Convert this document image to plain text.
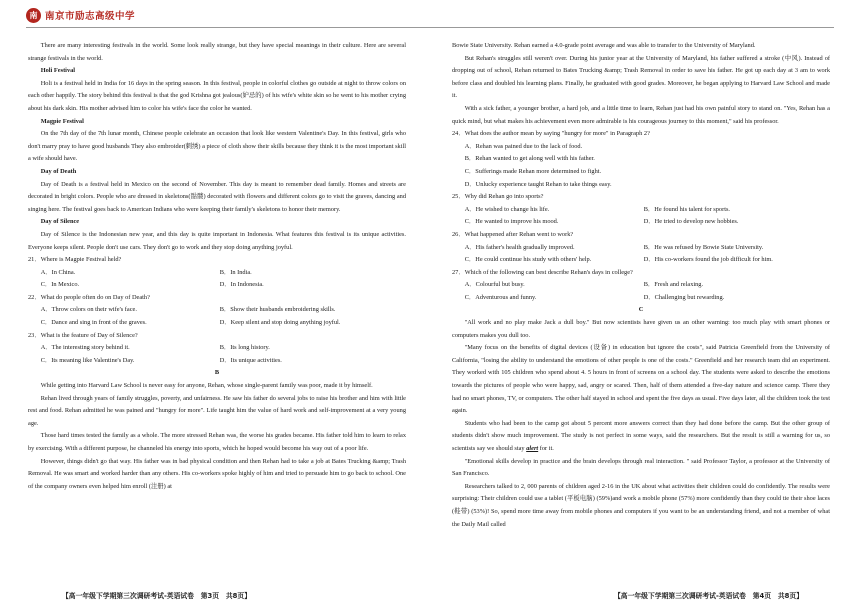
南 南京市励志高级中学

There are many interesting festivals in the world. Some look really strange, but they have special meanings in their culture. Here are several strange festivals in the world.

Holi Festival

Holi is a festival held in India for 16 days in the spring season. In this festival, people in colorful clothes go outside at night to throw colors on each other happily. The story behind this festival is that the god Krishna got jealous(妒忌的) of his wife's white skin so he went to his mother crying about his dark skin. His mother advised him to color his wife's face the color he wanted.

Magpie Festival

On the 7th day of the 7th lunar month, Chinese people celebrate an occasion that look like western Valentine's Day. In this festival, girls who don't marry pray to have good husbands They also embroider(刺绣) a piece of cloth show their skills because they think it is the most important skill a wife should have.

Day of Death

Day of Death is a festival held in Mexico on the second of November. This day is meant to remember dead family. Homes and streets are decorated in bright colors. People who are dressed in skeletons(骷髅) decorated with flowers and different colors go to visit the graves, dancing and singing here. The festival goes back to American Indians who were keeping their family's skeletons to honor their memory.

Day of Silence

Day of Silence is the Indonesian new year, and this day is quite important in Indonesia. What features this festival is its unique activities. Everyone keeps silent. People don't use cars. They don't go to work and they stop doing anything joyful.

21．Where is Magpie Festival held?

A．In China.	B．In India.
C．In Mexico.	D．In Indonesia.

22．What do people often do on Day of Death?

A．Throw colors on their wife's face.	B．Show their husbands embroidering skills.
C．Dance and sing in front of the graves.	D．Keep silent and stop doing anything joyful.

23．What is the feature of Day of Silence?

A．The interesting story behind it.	B．Its long history.
C．Its meaning like Valentine's Day.	D．Its unique activities.

B

While getting into Harvard Law School is never easy for anyone, Rehan, whose single-parent family was poor, made it by himself.

Rehan lived through years of family struggles, poverty, and unfairness. He saw his father do several jobs to raise his brother and him with little rest and food. Rehan admitted he was pained and "hungry for more". Life taught him the value of hard work and self-improvement at a very young age.

Those hard times tested the family as a whole. The more stressed Rehan was, the worse his grades became. His father told him to learn to relax by exercising. With a different purpose, he channeled his energy into sports, which he hoped would become his way out of a poor life.

However, things didn't go that way. His father was in bad physical condition and then Rehan had to take a job at Bates Trucking &amp; Trash Removal. He was smart and worked harder than any others. His co-workers spoke highly of him and tried to persuade him to go back to school. One of the company owners even helped him enroll (注册) at

Bowie State University. Rehan earned a 4.0-grade point average and was able to transfer to the University of Maryland.

But Rehan's struggles still weren't over. During his junior year at the University of Maryland, his father suffered a stroke (中风). Instead of dropping out of school, Rehan returned to Bates Trucking &amp; Trash Removal in order to save his father. He got up each day at 3 am to work before class and doubled his learning plans. Finally, he graduated with good grades. Moreover, he began applying to Harvard Law School and made it.

With a sick father, a younger brother, a hard job, and a little time to learn, Rehan just had his own painful story to stand on. "Yes, Rehan has a quick mind, but what makes his achievement even more admirable is his courageous journey to this moment," said his professor.

24．What does the author mean by saying "hungry for more" in Paragraph 2?

A．Rehan was pained due to the lack of food.

B．Rehan wanted to get along well with his father.

C．Sufferings made Rehan more determined to fight.

D．Unlucky experience taught Rehan to take things easy.

25．Why did Rehan go into sports?

A．He wished to change his life.	B．He found his talent for sports.
C．He wanted to improve his mood.	D．He tried to develop new hobbies.

26．What happened after Rehan went to work?

A．His father's health gradually improved.	B．He was refused by Bowie State University.
C．He could continue his study with others' help.	D．His co-workers found the job difficult for him.

27．Which of the following can best describe Rehan's days in college?

A．Colourful but busy.	B．Fresh and relaxing.
C．Adventurous and funny.	D．Challenging but rewarding.

C

"All work and no play make Jack a dull boy." But now scientists have given us an other warning: too much play with smart phones or computers makes you dull too.

"Many focus on the benefits of digital devices (设备) in education but ignore the costs", said Patricia Greenfield from the University of California, "losing the ability to understand the emotions of other people is one of the costs." Greenfield and her research team did an experiment. They worked with 105 children who spend about 4. 5 hours in front of screens on a school day. The students were asked to describe the emotions towards the pictures of people who were happy, sad, angry or scared. Then, half of them attended a five-day nature and science camp. There they had no smart phones, TV, or computers. The other half stayed in school and spent the five days as usual. Five days later, all the children took the test again.

Students who had been to the camp got about 5 percent more answers correct than they had done before the camp. But the other group of students didn't show much improvement. The study is not perfect in some ways, said the researchers. But the result is still a warning for us, so scientists say we should stay alert for it.

"Emotional skills develop in practice and the brain develops through real interaction. " said Professor Taylor, a professor at the University of San Francisco.

Researchers talked to 2, 000 parents of children aged 2-16 in the UK about what activities their children could do confidently. The results were surprising: Their children could use a tablet (平板电脑) (59%)and work a mobile phone (57%) more confidently than they could tie their shoe laces (鞋带) (53%)! So, spend more time away from mobile phones and computers if you want to be an understanding friend, and not a member of what the Daily Mail called

【高一年级下学期第三次调研考试-英语试卷　第3页　共8页】	【高一年级下学期第三次调研考试-英语试卷　第4页　共8页】
